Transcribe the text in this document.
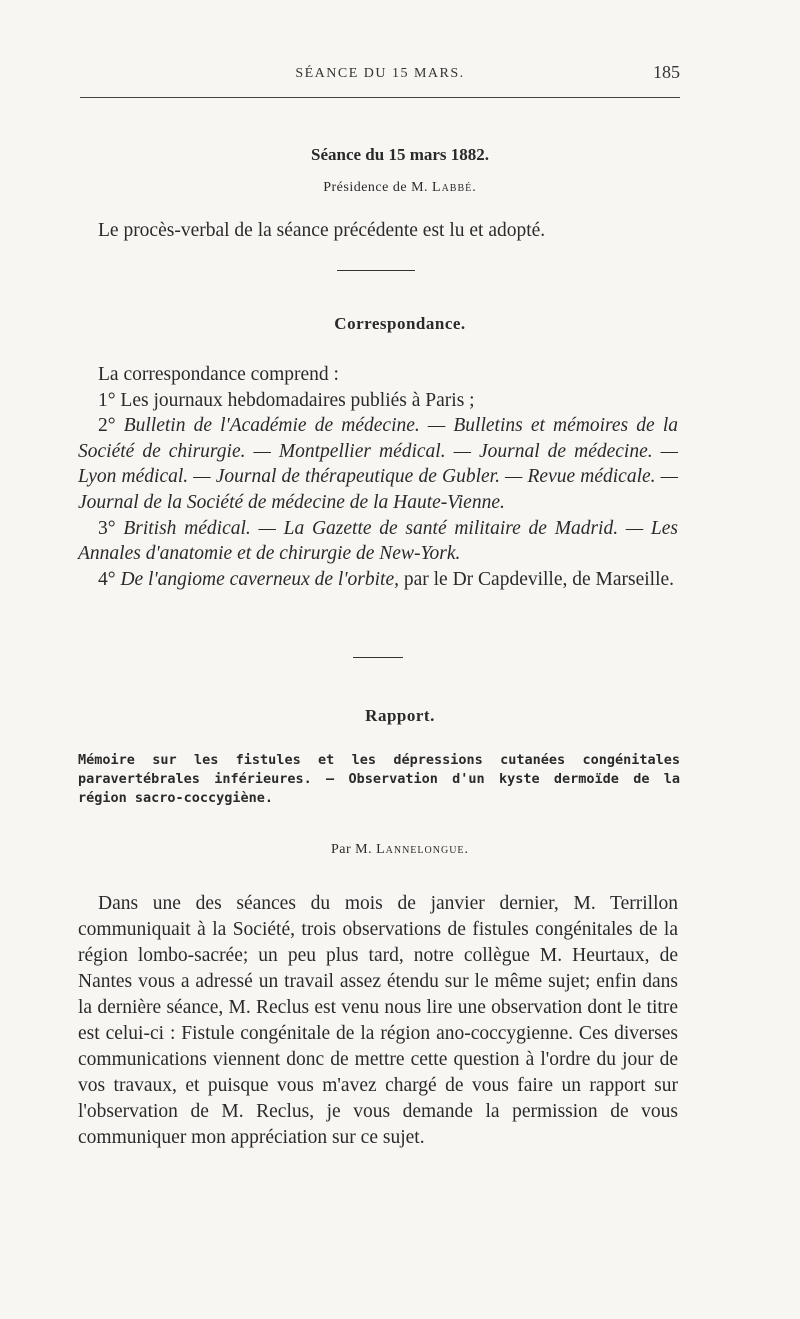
SÉANCE DU 15 MARS.	185
Séance du 15 mars 1882.
Présidence de M. Labbé.
Le procès-verbal de la séance précédente est lu et adopté.
Correspondance.

La correspondance comprend :

1° Les journaux hebdomadaires publiés à Paris ;

2° Bulletin de l'Académie de médecine. — Bulletins et mémoires de la Société de chirurgie. — Montpellier médical. — Journal de médecine. — Lyon médical. — Journal de thérapeutique de Gubler. — Revue médicale. — Journal de la Société de médecine de la Haute-Vienne.

3° British médical. — La Gazette de santé militaire de Madrid. — Les Annales d'anatomie et de chirurgie de New-York.

4° De l'angiome caverneux de l'orbite, par le Dr Capdeville, de Marseille.

Rapport.
Mémoire sur les fistules et les dépressions cutanées congénitales paravertébrales inférieures. — Observation d'un kyste dermoïde de la région sacro-coccygiène.
Par M. Lannelongue.

Dans une des séances du mois de janvier dernier, M. Terrillon communiquait à la Société, trois observations de fistules congénitales de la région lombo-sacrée; un peu plus tard, notre collègue M. Heurtaux, de Nantes vous a adressé un travail assez étendu sur le même sujet; enfin dans la dernière séance, M. Reclus est venu nous lire une observation dont le titre est celui-ci : Fistule congénitale de la région ano-coccygienne. Ces diverses communications viennent donc de mettre cette question à l'ordre du jour de vos travaux, et puisque vous m'avez chargé de vous faire un rapport sur l'observation de M. Reclus, je vous demande la permission de vous communiquer mon appréciation sur ce sujet.
